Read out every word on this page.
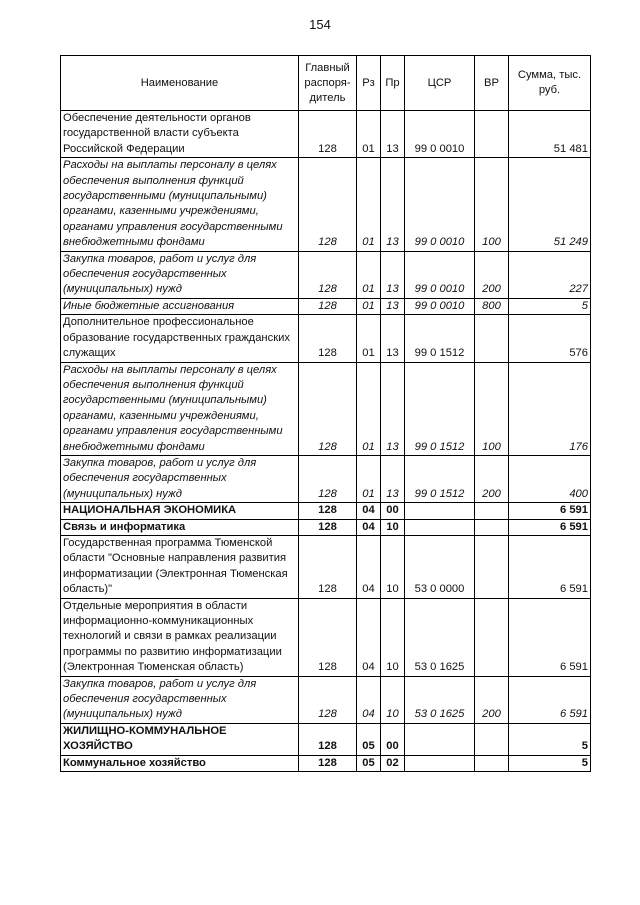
154
Наименование	Главный распоря-дитель	Рз	Пр	ЦСР	ВР	Сумма, тыс. руб.
Обеспечение деятельности органов государственной власти субъекта Российской Федерации	128	01	13	99 0 0010		51 481
Расходы на выплаты персоналу в целях обеспечения выполнения функций государственными (муниципальными) органами, казенными учреждениями, органами управления государственными внебюджетными фондами	128	01	13	99 0 0010	100	51 249
Закупка товаров, работ и услуг для обеспечения государственных (муниципальных) нужд	128	01	13	99 0 0010	200	227
Иные бюджетные ассигнования	128	01	13	99 0 0010	800	5
Дополнительное профессиональное образование государственных гражданских служащих	128	01	13	99 0 1512		576
Расходы на выплаты персоналу в целях обеспечения выполнения функций государственными (муниципальными) органами, казенными учреждениями, органами управления государственными внебюджетными фондами	128	01	13	99 0 1512	100	176
Закупка товаров, работ и услуг для обеспечения государственных (муниципальных) нужд	128	01	13	99 0 1512	200	400
НАЦИОНАЛЬНАЯ ЭКОНОМИКА	128	04	00			6 591
Связь и информатика	128	04	10			6 591
Государственная программа Тюменской области "Основные направления развития информатизации (Электронная Тюменская область)"	128	04	10	53 0 0000		6 591
Отдельные мероприятия в области информационно-коммуникационных технологий и связи в рамках реализации программы по развитию информатизации (Электронная Тюменская область)	128	04	10	53 0 1625		6 591
Закупка товаров, работ и услуг для обеспечения государственных (муниципальных) нужд	128	04	10	53 0 1625	200	6 591
ЖИЛИЩНО-КОММУНАЛЬНОЕ ХОЗЯЙСТВО	128	05	00			5
Коммунальное хозяйство	128	05	02			5
